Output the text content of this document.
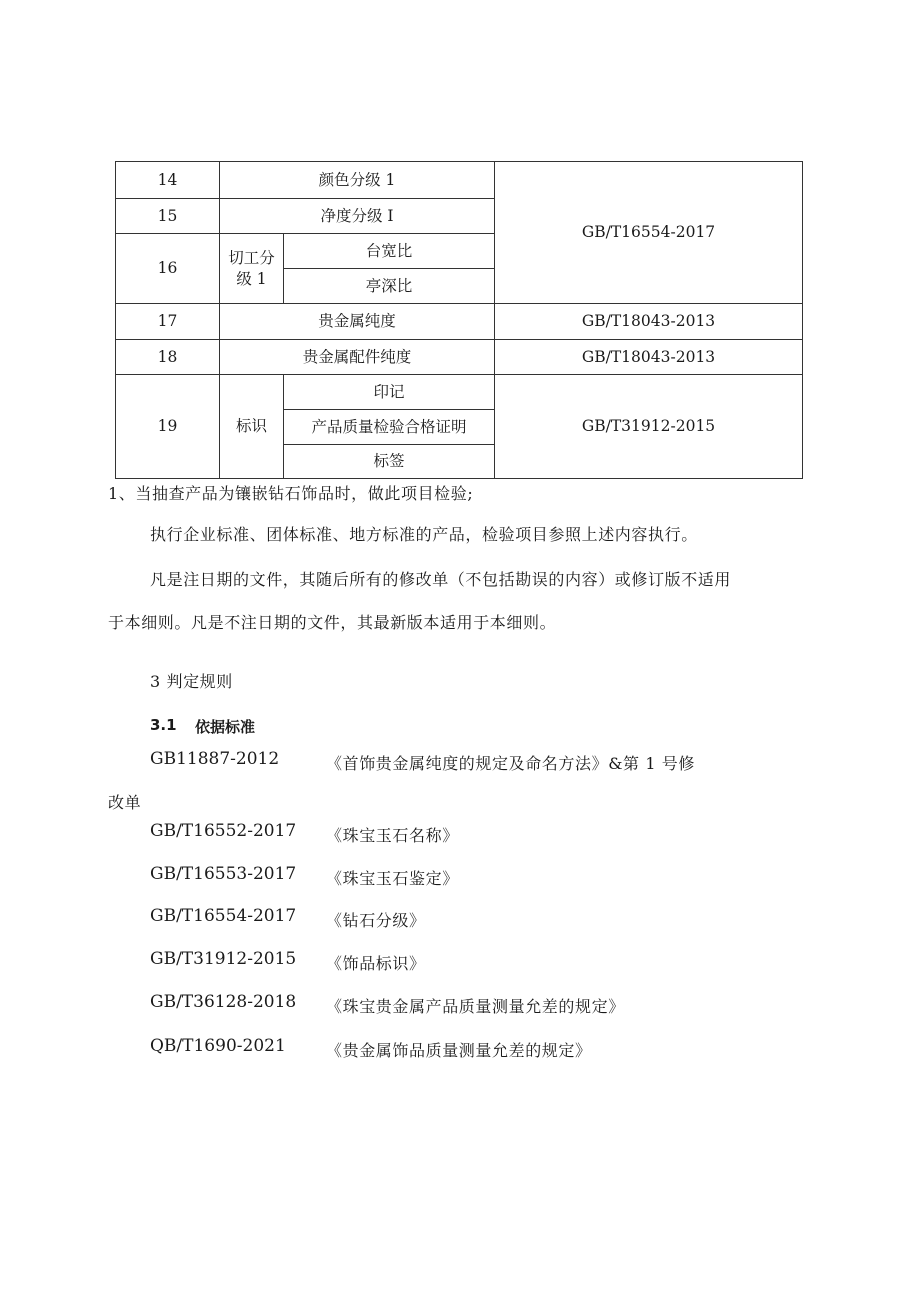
14	颜色分级 1		GB/T16554-2017
15	净度分级 I		
16	切工分级 1	台宽比	
		亭深比	
17	贵金属纯度		GB/T18043-2013
18	贵金属配件纯度		GB/T18043-2013
19	标识	印记	GB/T31912-2015
		产品质量检验合格证明	
		标签	
1、当抽查产品为镶嵌钻石饰品时，做此项目检验;
执行企业标准、团体标准、地方标准的产品，检验项目参照上述内容执行。
凡是注日期的文件，其随后所有的修改单（不包括勘误的内容）或修订版不适用
于本细则。凡是不注日期的文件，其最新版本适用于本细则。
3 判定规则
3.1 依据标准
GB11887-2012	《首饰贵金属纯度的规定及命名方法》&第 1 号修
改单
GB/T16552-2017 《珠宝玉石名称》
GB/T16553-2017 《珠宝玉石鉴定》
GB/T16554-2017 《钻石分级》
GB/T31912-2015 《饰品标识》
GB/T36128-2018 《珠宝贵金属产品质量测量允差的规定》
QB/T1690-2021	《贵金属饰品质量测量允差的规定》
